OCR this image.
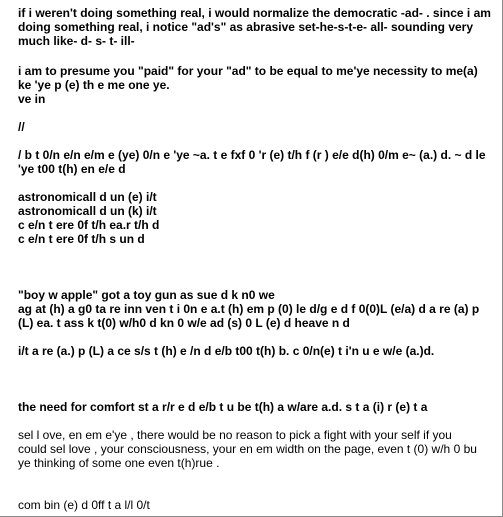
if i weren't doing something real, i would normalize the democratic -ad- . since i am
doing something real, i notice "ad's" as abrasive set-he-s-t-e- all- sounding very
much like- d- s- t- ill-
i am to presume you "paid" for your "ad" to be equal to me'ye necessity to me(a)
ke 'ye p (e) th e me one ye.
ve in
//
/ b t 0/n e/n e/m e (ye) 0/n e 'ye ~a. t e fxf 0 'r (e) t/h f (r ) e/e d(h) 0/m e~ (a.) d. ~ d le
'ye t00 t(h) en e/e d
astronomicall d un (e) i/t
astronomicall d un (k) i/t
c e/n t ere 0f t/h ea.r t/h d
c e/n t ere 0f t/h s un d
"boy w apple" got a toy gun as sue d k n0 we
ag at (h) a g0 ta re inn ven t i 0n e a.t (h) em p (0) le d/g e d f 0(0)L (e/a) d a re (a) p
(L) ea. t ass k t(0) w/h0 d kn 0 w/e ad (s) 0 L (e) d heave n d
i/t a re (a.) p (L) a ce s/s t (h) e /n d e/b t00 t(h) b. c 0/n(e) t i'n u e w/e (a.)d.
the need for comfort st a r/r e d e/b t u be t(h) a w/are a.d. s t a (i) r (e) t a
sel l ove, en em e'ye , there would be no reason to pick a fight with your self if you
could sel love , your consciousness, your en em width on the page, even t (0) w/h 0 bu
ye thinking of some one even t(h)rue .
com bin (e) d 0ff t a l/l 0/t
